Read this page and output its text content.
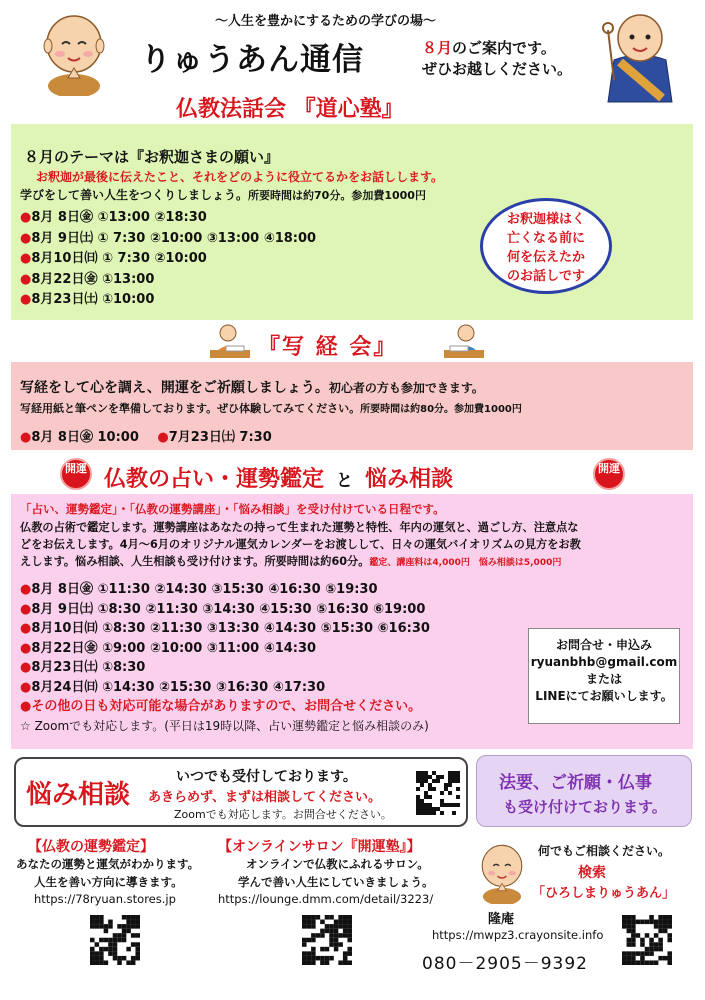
～人生を豊かにするための学びの場～
りゅうあん通信	８月のご案内です。
ぜひお越しください。
仏教法話会 『道心塾』
８月のテーマは『お釈迦さまの願い』
お釈迦が最後に伝えたこと、それをどのように役立てるかをお話しします。
学びをして善い人生をつくりしましょう。所要時間は約70分。参加費1000円
●8月 8日㊎ ①13:00 ②18:30
●8月 9日㈯ ① 7:30 ②10:00 ③13:00 ④18:00
●8月10日㈰ ① 7:30 ②10:00
●8月22日㊎ ①13:00
●8月23日㈯ ①10:00
お釈迦様はく
亡くなる前に
何を伝えたか
のお話しです
『写 経 会』
写経をして心を調え、開運をご祈願しましょう。初心者の方も参加できます。
写経用紙と筆ペンを準備しております。ぜひ体験してみてください。所要時間は約80分。参加費1000円
●8月 8日㊎ 10:00 ●7月23日㈯ 7:30
開運 仏教の占い・運勢鑑定 と 悩み相談	開運
「占い、運勢鑑定」・「仏教の運勢講座」・「悩み相談」を受け付けている日程です。
仏教の占術で鑑定します。運勢講座はあなたの持って生まれた運勢と特性、年内の運気と、過ごし方、注意点な
どをお伝えします。4月～6月のオリジナル運気カレンダーをお渡しして、日々の運気バイオリズムの見方をお教
えします。悩み相談、人生相談も受け付けます。所要時間は約60分。鑑定、講座料は4,000円　悩み相談は5,000円
●8月 8日㊎ ①11:30 ②14:30 ③15:30 ④16:30 ⑤19:30
●8月 9日㈯ ①8:30 ②11:30 ③14:30 ④15:30 ⑤16:30 ⑥19:00
●8月10日㈰ ①8:30 ②11:30 ③13:30 ④14:30 ⑤15:30 ⑥16:30
●8月22日㊎ ①9:00 ②10:00 ③11:00 ④14:30
●8月23日㈯ ①8:30
●8月24日㈰ ①14:30 ②15:30 ③16:30 ④17:30
●その他の日も対応可能な場合がありますので、お問合せください。
☆ Zoomでも対応します。(平日は19時以降、占い運勢鑑定と悩み相談のみ)
お問合せ・申込み
ryuanbhb@gmail.com
または
LINEにてお願いします。
悩み相談
いつでも受付しております。
あきらめず、まずは相談してください。
Zoomでも対応します。お問合せください。
法要、ご祈願・仏事
も受け付けております。
【仏教の運勢鑑定】
あなたの運勢と運気がわかります。
人生を善い方向に導きます。
https://78ryuan.stores.jp
【オンラインサロン『開運塾』】
オンラインで仏教にふれるサロン。
学んで善い人生にしていきましょう。
https://lounge.dmm.com/detail/3223/
何でもご相談ください。
検索
「ひろしまりゅうあん」
隆庵
https://mwpz3.crayonsite.info
080－2905－9392
